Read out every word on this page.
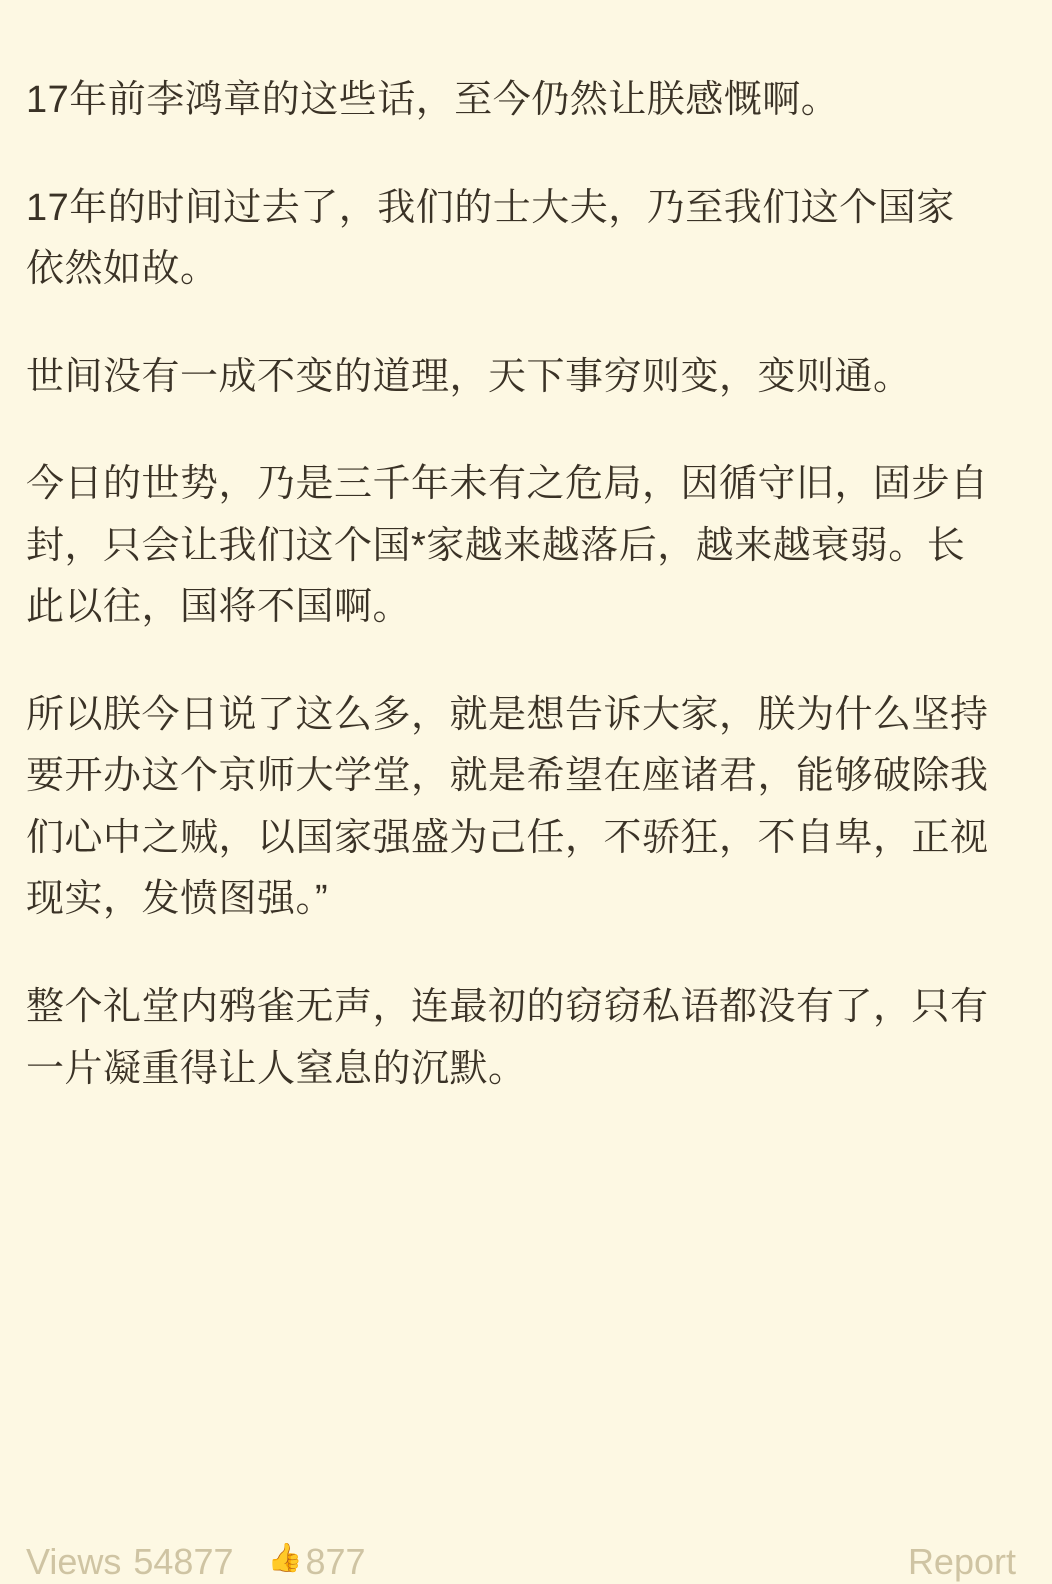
17年前李鸿章的这些话，至今仍然让朕感慨啊。

17年的时间过去了，我们的士大夫，乃至我们这个国家依然如故。

世间没有一成不变的道理，天下事穷则变，变则通。

今日的世势，乃是三千年未有之危局，因循守旧，固步自封，只会让我们这个国*家越来越落后，越来越衰弱。长此以往，国将不国啊。

所以朕今日说了这么多，就是想告诉大家，朕为什么坚持要开办这个京师大学堂，就是希望在座诸君，能够破除我们心中之贼，以国家强盛为己任，不骄狂，不自卑，正视现实，发愤图强。”

整个礼堂内鸦雀无声，连最初的窃窃私语都没有了，只有一片凝重得让人窒息的沉默。

Views 54877 👍 877	Report
